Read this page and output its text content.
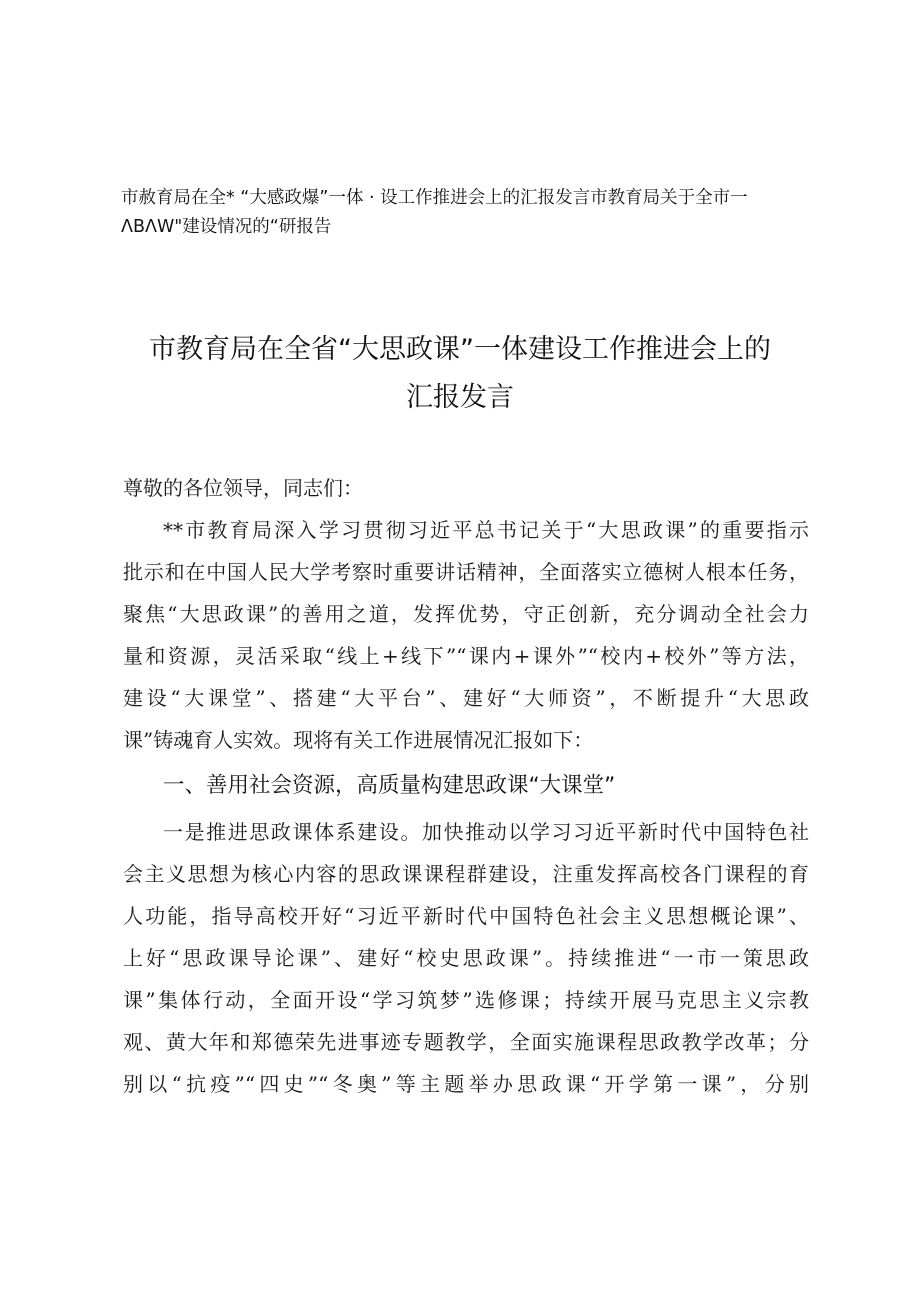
市赦育局在全* “大感政爆”一体 · 设工作推进会上的汇报发言市教育局关于全市一
ΛBΛW"建设情况的“研报告
市教育局在全省“大思政课”一体建设工作推进会上的
汇报发言
尊敬的各位领导，同志们：
**市教育局深入学习贯彻习近平总书记关于“大思政课”的重要指示
批示和在中国人民大学考察时重要讲话精神，全面落实立德树人根本任务，
聚焦“大思政课”的善用之道，发挥优势，守正创新，充分调动全社会力
量和资源，灵活采取“线上+线下”“课内+课外”“校内+校外”等方法，
建设“大课堂”、搭建“大平台”、建好“大师资”，不断提升“大思政
课”铸魂育人实效。现将有关工作进展情况汇报如下：
一、善用社会资源，高质量构建思政课“大课堂”
一是推进思政课体系建设。加快推动以学习习近平新时代中国特色社
会主义思想为核心内容的思政课课程群建设，注重发挥高校各门课程的育
人功能，指导高校开好“习近平新时代中国特色社会主义思想概论课”、
上好“思政课导论课”、建好“校史思政课”。持续推进“一市一策思政
课”集体行动，全面开设“学习筑梦”选修课；持续开展马克思主义宗教
观、黄大年和郑德荣先进事迹专题教学，全面实施课程思政教学改革；分
别以“抗疫”“四史”“冬奥”等主题举办思政课“开学第一课”，分别
